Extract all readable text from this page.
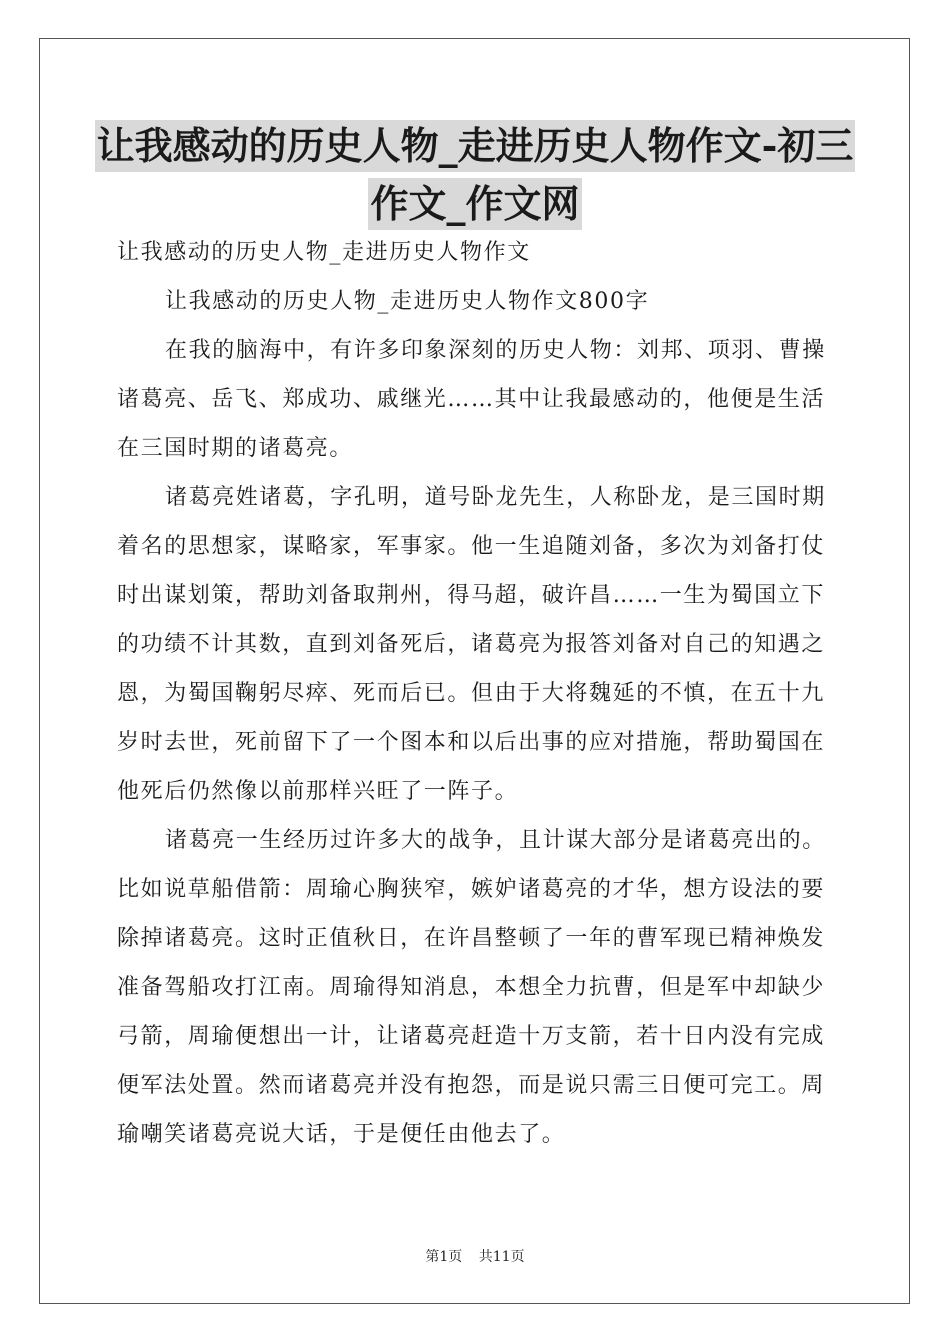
让我感动的历史人物_走进历史人物作文-初三
作文_作文网
让我感动的历史人物_走进历史人物作文
让我感动的历史人物_走进历史人物作文800字
在我的脑海中，有许多印象深刻的历史人物：刘邦、项羽、曹操
诸葛亮、岳飞、郑成功、戚继光……其中让我最感动的，他便是生活
在三国时期的诸葛亮。
诸葛亮姓诸葛，字孔明，道号卧龙先生，人称卧龙，是三国时期
着名的思想家，谋略家，军事家。他一生追随刘备，多次为刘备打仗
时出谋划策，帮助刘备取荆州，得马超，破许昌……一生为蜀国立下
的功绩不计其数，直到刘备死后，诸葛亮为报答刘备对自己的知遇之
恩，为蜀国鞠躬尽瘁、死而后已。但由于大将魏延的不慎，在五十九
岁时去世，死前留下了一个图本和以后出事的应对措施，帮助蜀国在
他死后仍然像以前那样兴旺了一阵子。
诸葛亮一生经历过许多大的战争，且计谋大部分是诸葛亮出的。
比如说草船借箭：周瑜心胸狭窄，嫉妒诸葛亮的才华，想方设法的要
除掉诸葛亮。这时正值秋日，在许昌整顿了一年的曹军现已精神焕发
准备驾船攻打江南。周瑜得知消息，本想全力抗曹，但是军中却缺少
弓箭，周瑜便想出一计，让诸葛亮赶造十万支箭，若十日内没有完成
便军法处置。然而诸葛亮并没有抱怨，而是说只需三日便可完工。周
瑜嘲笑诸葛亮说大话，于是便任由他去了。
第1页 共11页
